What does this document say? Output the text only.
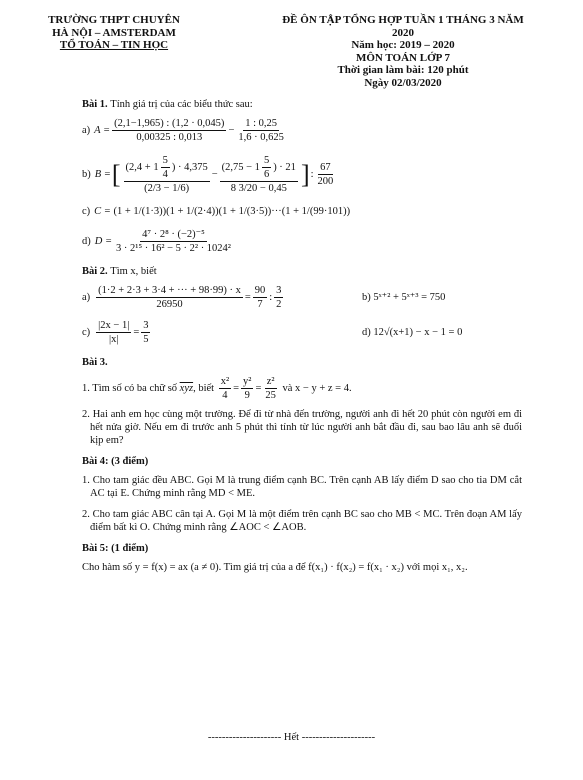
TRƯỜNG THPT CHUYÊN
HÀ NỘI – AMSTERDAM
TỔ TOÁN – TIN HỌC
ĐỀ ÔN TẬP TỔNG HỢP TUẦN 1 THÁNG 3 NĂM 2020
Năm học: 2019 – 2020
MÔN TOÁN LỚP 7
Thời gian làm bài: 120 phút
Ngày 02/03/2020
Bài 1. Tính giá trị của các biểu thức sau:
a) $A = \frac{(2,1-1,965) : (1,2 \cdot 0,045)}{0,00325 : 0,013} - \frac{1 : 0,25}{1,6 \cdot 0,625}$
b) B = [ $\frac{(2,4 + 1 \frac{5}{4} ) \cdot 4,375}{(2/3 - 1/6)} - \frac{(2,75 - 1 \frac{5}{6} ) \cdot 21}{8 3/20 - 0,45}$ ] : $\frac{67}{200}$
c) C =
(1 + 1/(1·3)) (1 + 1/(2·4)) (1 + 1/(3·5)) ··· (1 + 1/(99·101))
d) $D = \frac{\text{4⁷ · 2⁸ · (−2)⁻⁵}}{\text{3 · 2¹⁵ · 16² − 5 · 2² · 1024²}}$
Bài 2. Tìm x, biết
$a) \frac{(1\cdot 2 + 2\cdot 3 + 3\cdot 4 + \cdot\cdot\cdot + 98\cdot 99) \cdot x}{26950} = \frac{90}{7}$ : $\frac{3}{2}$	b) 5ˣ⁺² + 5ˣ⁺³ = 750
$c) \frac{|2x - 1|}{|x|} = \frac{3}{5}$	d) 12√(x+1) − x − 1 = 0
Bài 3.
1. Tìm số có ba chữ số
$\overline{xyz}$ , biết
$\frac{\text{x²}}{4} = \frac{\text{y²}}{9} = \frac{\text{z²}}{25}$
và x − y + z = 4.
2. Hai anh em học cùng một trường. Để đi từ nhà đến trường, người anh đi hết 20 phút còn người em đi hết nửa giờ. Nếu em đi trước anh 5 phút thì tính từ lúc người anh bắt đầu đi, sau bao lâu anh sẽ đuổi kịp em?
Bài 4: (3 điểm)
1. Cho tam giác đều ABC. Gọi M là trung điểm cạnh BC. Trên cạnh AB lấy điểm D sao cho tia DM cắt AC tại E. Chứng minh rằng MD < ME.
2. Cho tam giác ABC cân tại A. Gọi M là một điểm trên cạnh BC sao cho MB < MC. Trên đoạn AM lấy điểm bất kì O. Chứng minh rằng ∠AOC < ∠AOB.
Bài 5: (1 điểm)
Cho hàm số y = f(x) = ax (a ≠ 0). Tìm giá trị của a để f(x₁) · f(x₂) = f(x₁ · x₂) với mọi x₁, x₂.
--------------------- Hết ---------------------
